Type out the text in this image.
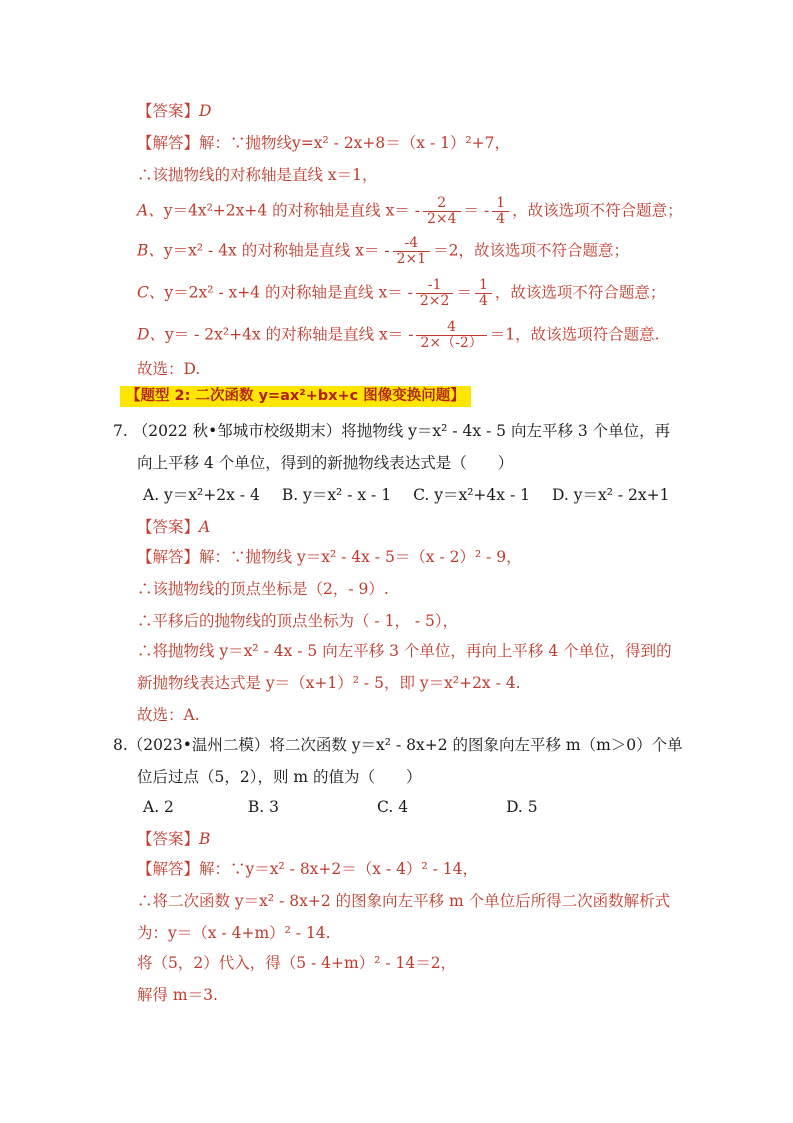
【答案】D
【解答】解：∵抛物线y=x² - 2x+8＝（x - 1）²+7，
∴该抛物线的对称轴是直线 x＝1，
A、y＝4x²+2x+4 的对称轴是直线 $x= - \frac{2}{2\times 4}$ ＝ - $\frac{1}{4}$ ，故该选项不符合题意；
B、y＝x² - 4x 的对称轴是直线 $x= - \frac{-4}{2\times 1} =2$，故该选项不符合题意；
C、y＝2x² - x+4 的对称轴是直线 $x= - \frac{-1}{2\times 2} = \frac{1}{4}$ ，故该选项不符合题意；
D、y＝ - 2x²+4x 的对称轴是直线 $x= - \frac{4}{2\times(-2)} =1$，故该选项符合题意.
故选：D.
【题型 2: 二次函数 y=ax²+bx+c 图像变换问题】
7. （2022 秋•邹城市校级期末）将抛物线 y＝x² - 4x - 5 向左平移 3 个单位，再
向上平移 4 个单位，得到的新抛物线表达式是（　　）
A. y＝x²+2x - 4 B. y＝x² - x - 1 C. y＝x²+4x - 1 D. y＝x² - 2x+1
【答案】A
【解答】解：∵抛物线 y＝x² - 4x - 5＝（x - 2）² - 9，
∴该抛物线的顶点坐标是（2，- 9）.
∴平移后的抛物线的顶点坐标为（ - 1， - 5），
∴将抛物线 y＝x² - 4x - 5 向左平移 3 个单位，再向上平移 4 个单位，得到的
新抛物线表达式是 y＝（x+1）² - 5，即 y＝x²+2x - 4.
故选：A.
8.（2023•温州二模）将二次函数 y＝x² - 8x+2 的图象向左平移 m（m＞0）个单
位后过点（5，2），则 m 的值为（　　）
A. 2	B. 3	C. 4	D. 5
【答案】B
【解答】解：∵y＝x² - 8x+2＝（x - 4）² - 14，
∴将二次函数 y＝x² - 8x+2 的图象向左平移 m 个单位后所得二次函数解析式
为：y＝（x - 4+m）² - 14.
将（5，2）代入，得（5 - 4+m）² - 14＝2，
解得 m＝3.
